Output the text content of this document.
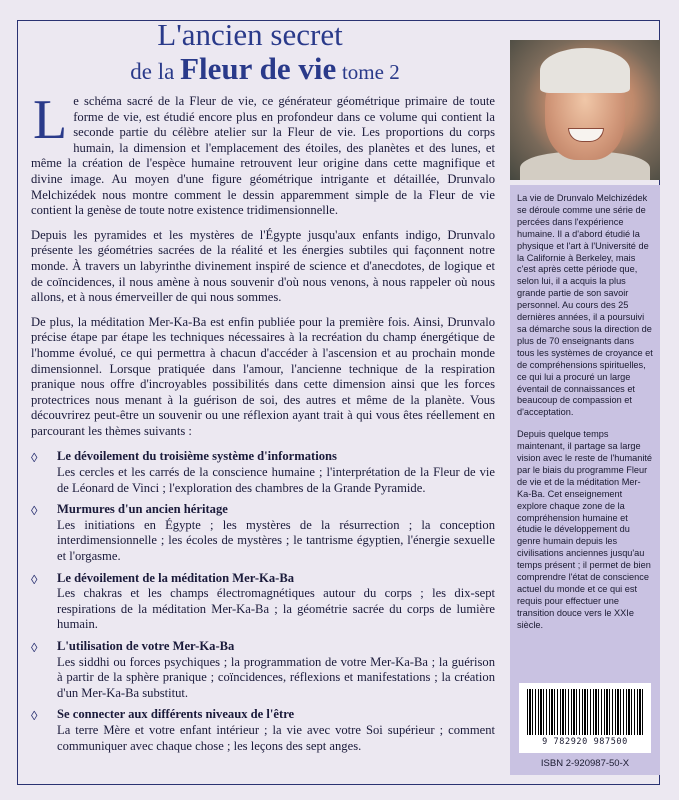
L'ancien secret
de la Fleur de vie tome 2

Le schéma sacré de la Fleur de vie, ce générateur géométrique primaire de toute forme de vie, est étudié encore plus en profondeur dans ce volume qui contient la seconde partie du célèbre atelier sur la Fleur de vie. Les proportions du corps humain, la dimension et l'emplacement des étoiles, des planètes et des lunes, et même la création de l'espèce humaine retrouvent leur origine dans cette magnifique et divine image. Au moyen d'une figure géométrique intrigante et détaillée, Drunvalo Melchizédek nous montre comment le dessin apparemment simple de la Fleur de vie contient la genèse de toute notre existence tridimensionnelle.

Depuis les pyramides et les mystères de l'Égypte jusqu'aux enfants indigo, Drunvalo présente les géométries sacrées de la réalité et les énergies subtiles qui façonnent notre monde. À travers un labyrinthe divinement inspiré de science et d'anecdotes, de logique et de coïncidences, il nous amène à nous souvenir d'où nous venons, à nous rappeler où nous allons, et à nous émerveiller de qui nous sommes.

De plus, la méditation Mer-Ka-Ba est enfin publiée pour la première fois. Ainsi, Drunvalo précise étape par étape les techniques nécessaires à la recréation du champ énergétique de l'homme évolué, ce qui permettra à chacun d'accéder à l'ascension et au prochain monde dimensionnel. Lorsque pratiquée dans l'amour, l'ancienne technique de la respiration pranique nous offre d'incroyables possibilités dans cette dimension ainsi que les forces protectrices nous menant à la guérison de soi, des autres et même de la planète. Vous découvrirez peut-être un souvenir ou une réflexion ayant trait à qui vous êtes réellement en parcourant les thèmes suivants :

◊	Le dévoilement du troisième système d'informations
Les cercles et les carrés de la conscience humaine ; l'interprétation de la Fleur de vie de Léonard de Vinci ; l'exploration des chambres de la Grande Pyramide.
◊	Murmures d'un ancien héritage
Les initiations en Égypte ; les mystères de la résurrection ; la conception interdimensionnelle ; les écoles de mystères ; le tantrisme égyptien, l'énergie sexuelle et l'orgasme.
◊	Le dévoilement de la méditation Mer-Ka-Ba
Les chakras et les champs électromagnétiques autour du corps ; les dix-sept respirations de la méditation Mer-Ka-Ba ; la géométrie sacrée du corps de lumière humain.
◊	L'utilisation de votre Mer-Ka-Ba
Les siddhi ou forces psychiques ; la programmation de votre Mer-Ka-Ba ; la guérison à partir de la sphère pranique ; coïncidences, réflexions et manifestations ; la création d'un Mer-Ka-Ba substitut.
◊	Se connecter aux différents niveaux de l'être
La terre Mère et votre enfant intérieur ; la vie avec votre Soi supérieur ; comment communiquer avec chaque chose ; les leçons des sept anges.

La vie de Drunvalo Melchizédek se déroule comme une série de percées dans l'expérience humaine. Il a d'abord étudié la physique et l'art à l'Université de la Californie à Berkeley, mais c'est après cette période que, selon lui, il a acquis la plus grande partie de son savoir personnel. Au cours des 25 dernières années, il a poursuivi sa démarche sous la direction de plus de 70 enseignants dans tous les systèmes de croyance et de compréhensions spirituelles, ce qui lui a procuré un large éventail de connaissances et beaucoup de compassion et d'acceptation.

Depuis quelque temps maintenant, il partage sa large vision avec le reste de l'humanité par le biais du programme Fleur de vie et de la méditation Mer-Ka-Ba. Cet enseignement explore chaque zone de la compréhension humaine et étudie le développement du genre humain depuis les civilisations anciennes jusqu'au temps présent ; il permet de bien comprendre l'état de conscience actuel du monde et ce qui est requis pour effectuer une transition douce vers le XXIe siècle.

9 782920 987500
ISBN 2-920987-50-X
